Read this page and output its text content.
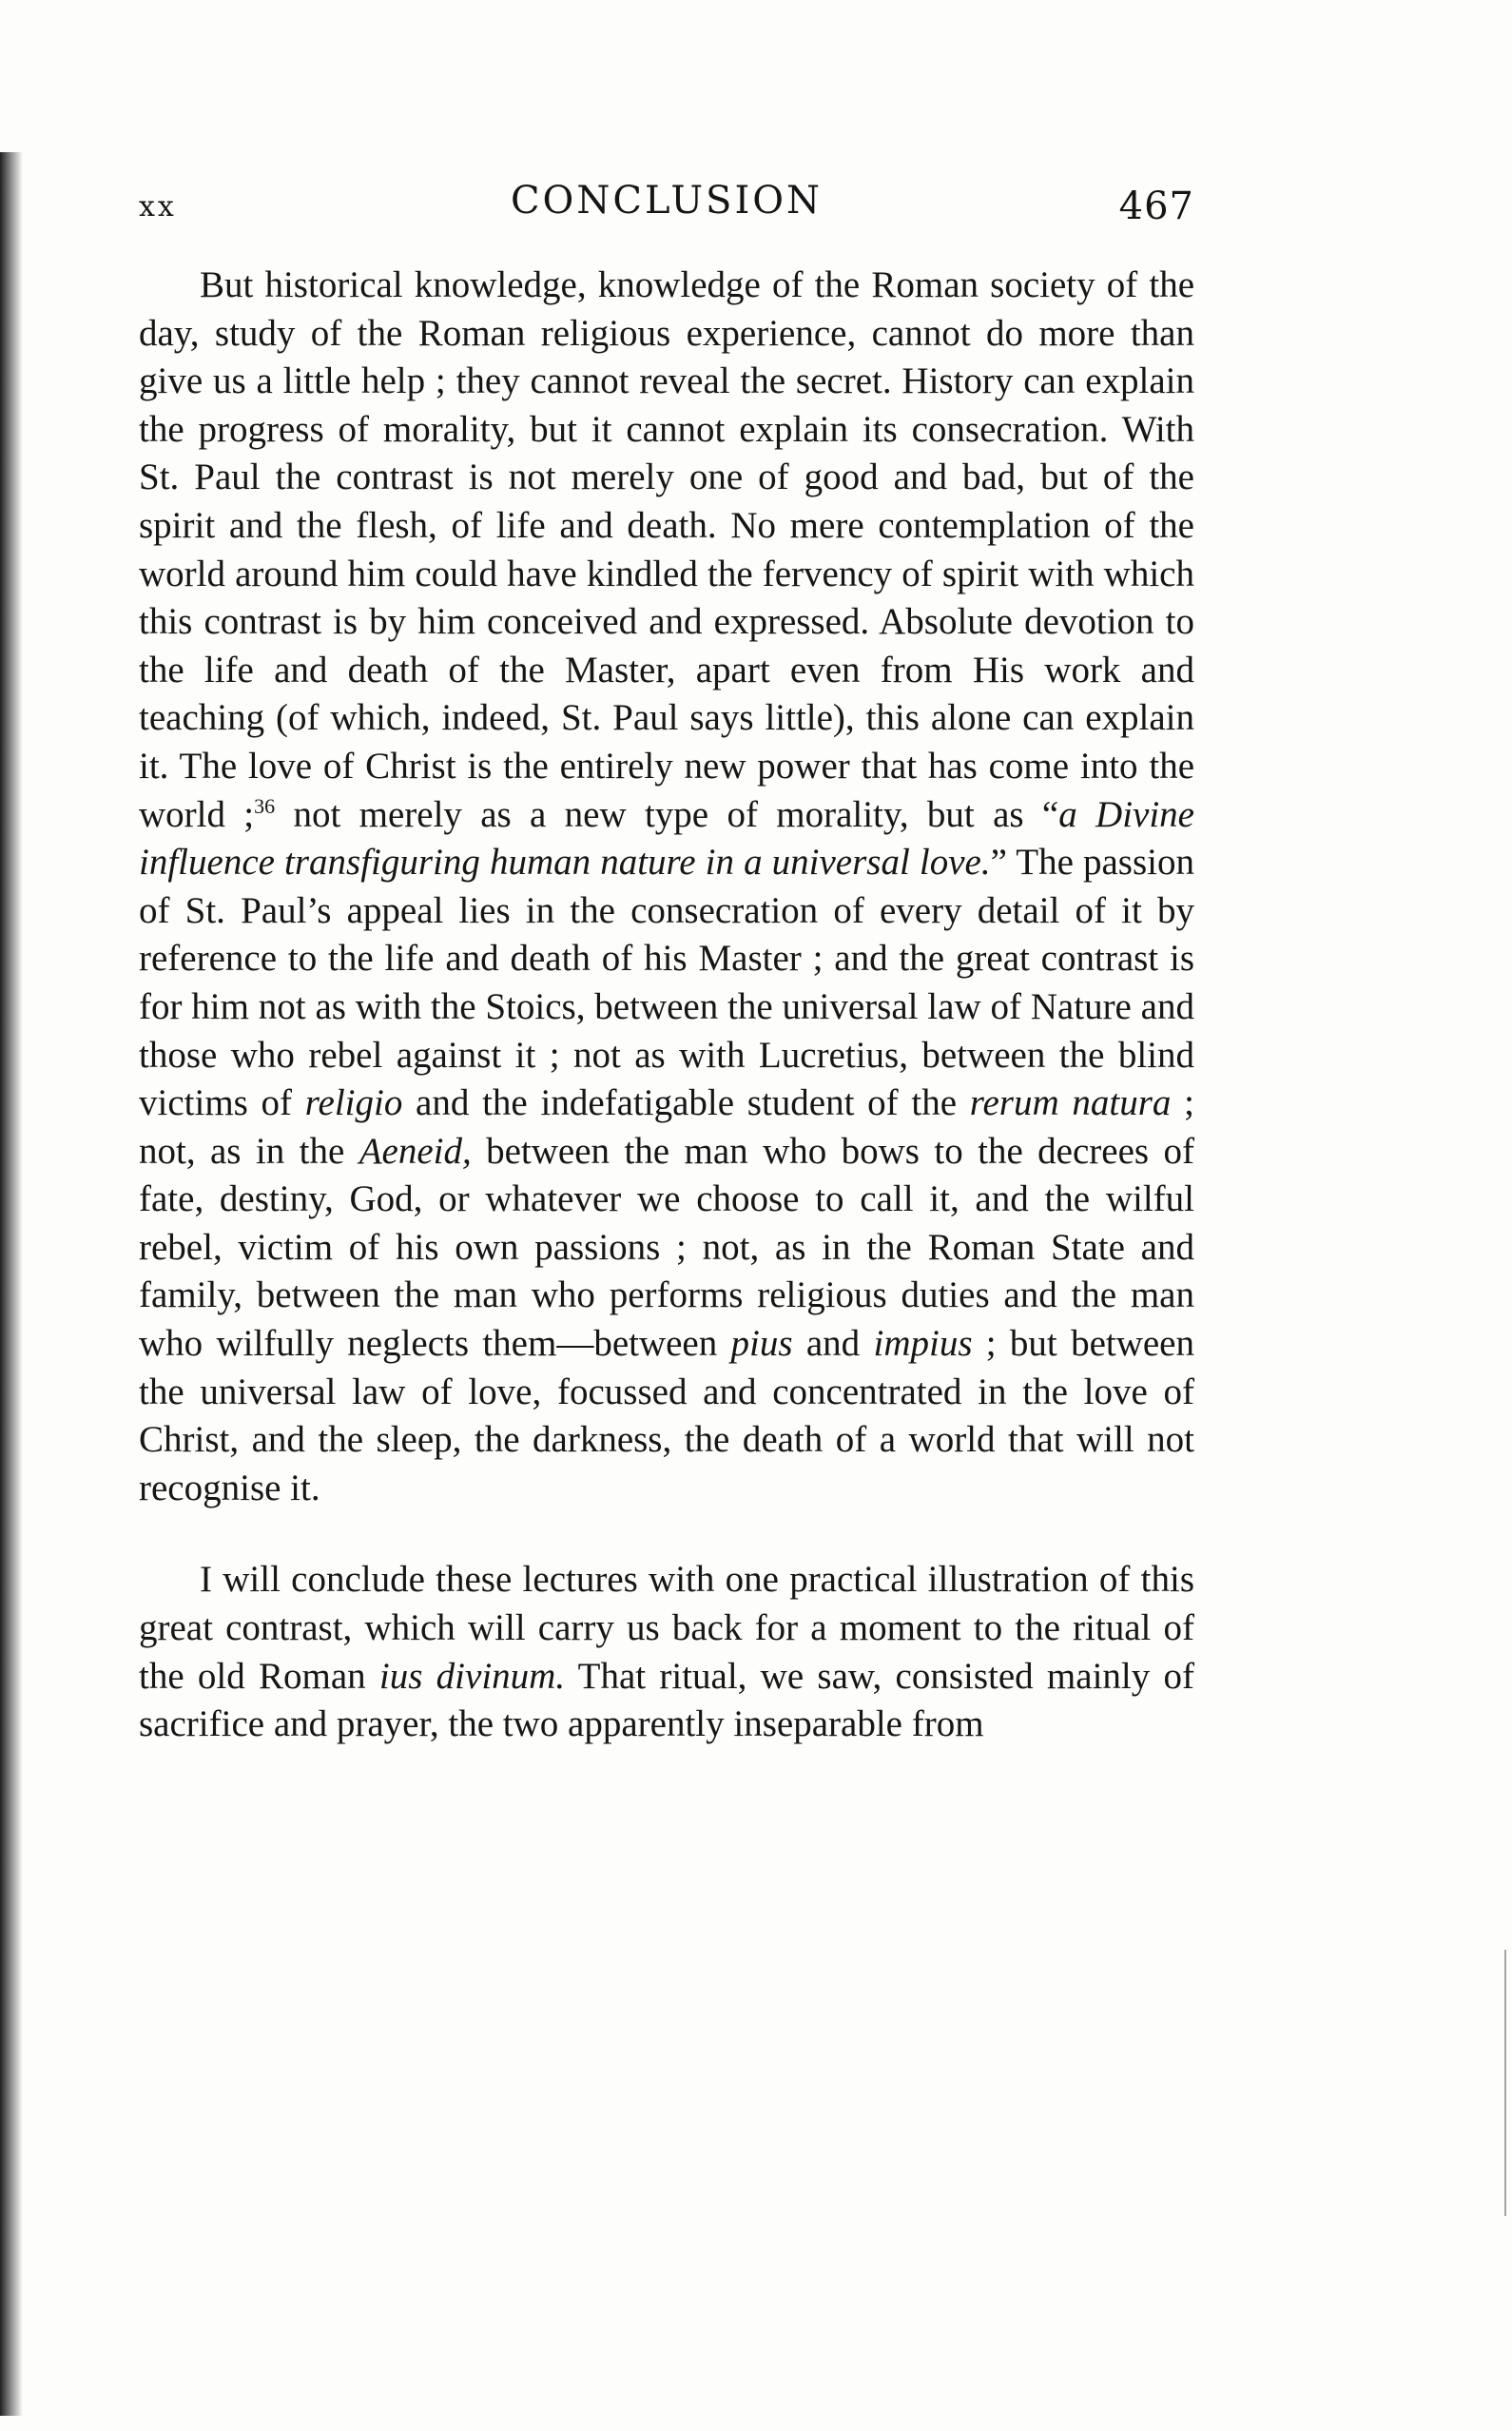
xx	CONCLUSION	467

But historical knowledge, knowledge of the Roman society of the day, study of the Roman religious experience, cannot do more than give us a little help ; they cannot reveal the secret. History can explain the progress of morality, but it cannot explain its consecration. With St. Paul the contrast is not merely one of good and bad, but of the spirit and the flesh, of life and death. No mere contemplation of the world around him could have kindled the fervency of spirit with which this contrast is by him conceived and expressed. Absolute devotion to the life and death of the Master, apart even from His work and teaching (of which, indeed, St. Paul says little), this alone can explain it. The love of Christ is the entirely new power that has come into the world ;$^{36}$ not merely as a new type of morality, but as “a Divine influence transfiguring human nature in a universal love.” The passion of St. Paul’s appeal lies in the consecration of every detail of it by reference to the life and death of his Master ; and the great contrast is for him not as with the Stoics, between the universal law of Nature and those who rebel against it ; not as with Lucretius, between the blind victims of religio and the indefatigable student of the rerum natura ; not, as in the Aeneid, between the man who bows to the decrees of fate, destiny, God, or whatever we choose to call it, and the wilful rebel, victim of his own passions ; not, as in the Roman State and family, between the man who performs religious duties and the man who wilfully neglects them—between pius and impius ; but between the universal law of love, focussed and concentrated in the love of Christ, and the sleep, the darkness, the death of a world that will not recognise it.

I will conclude these lectures with one practical illustration of this great contrast, which will carry us back for a moment to the ritual of the old Roman ius divinum. That ritual, we saw, consisted mainly of sacrifice and prayer, the two apparently inseparable from
